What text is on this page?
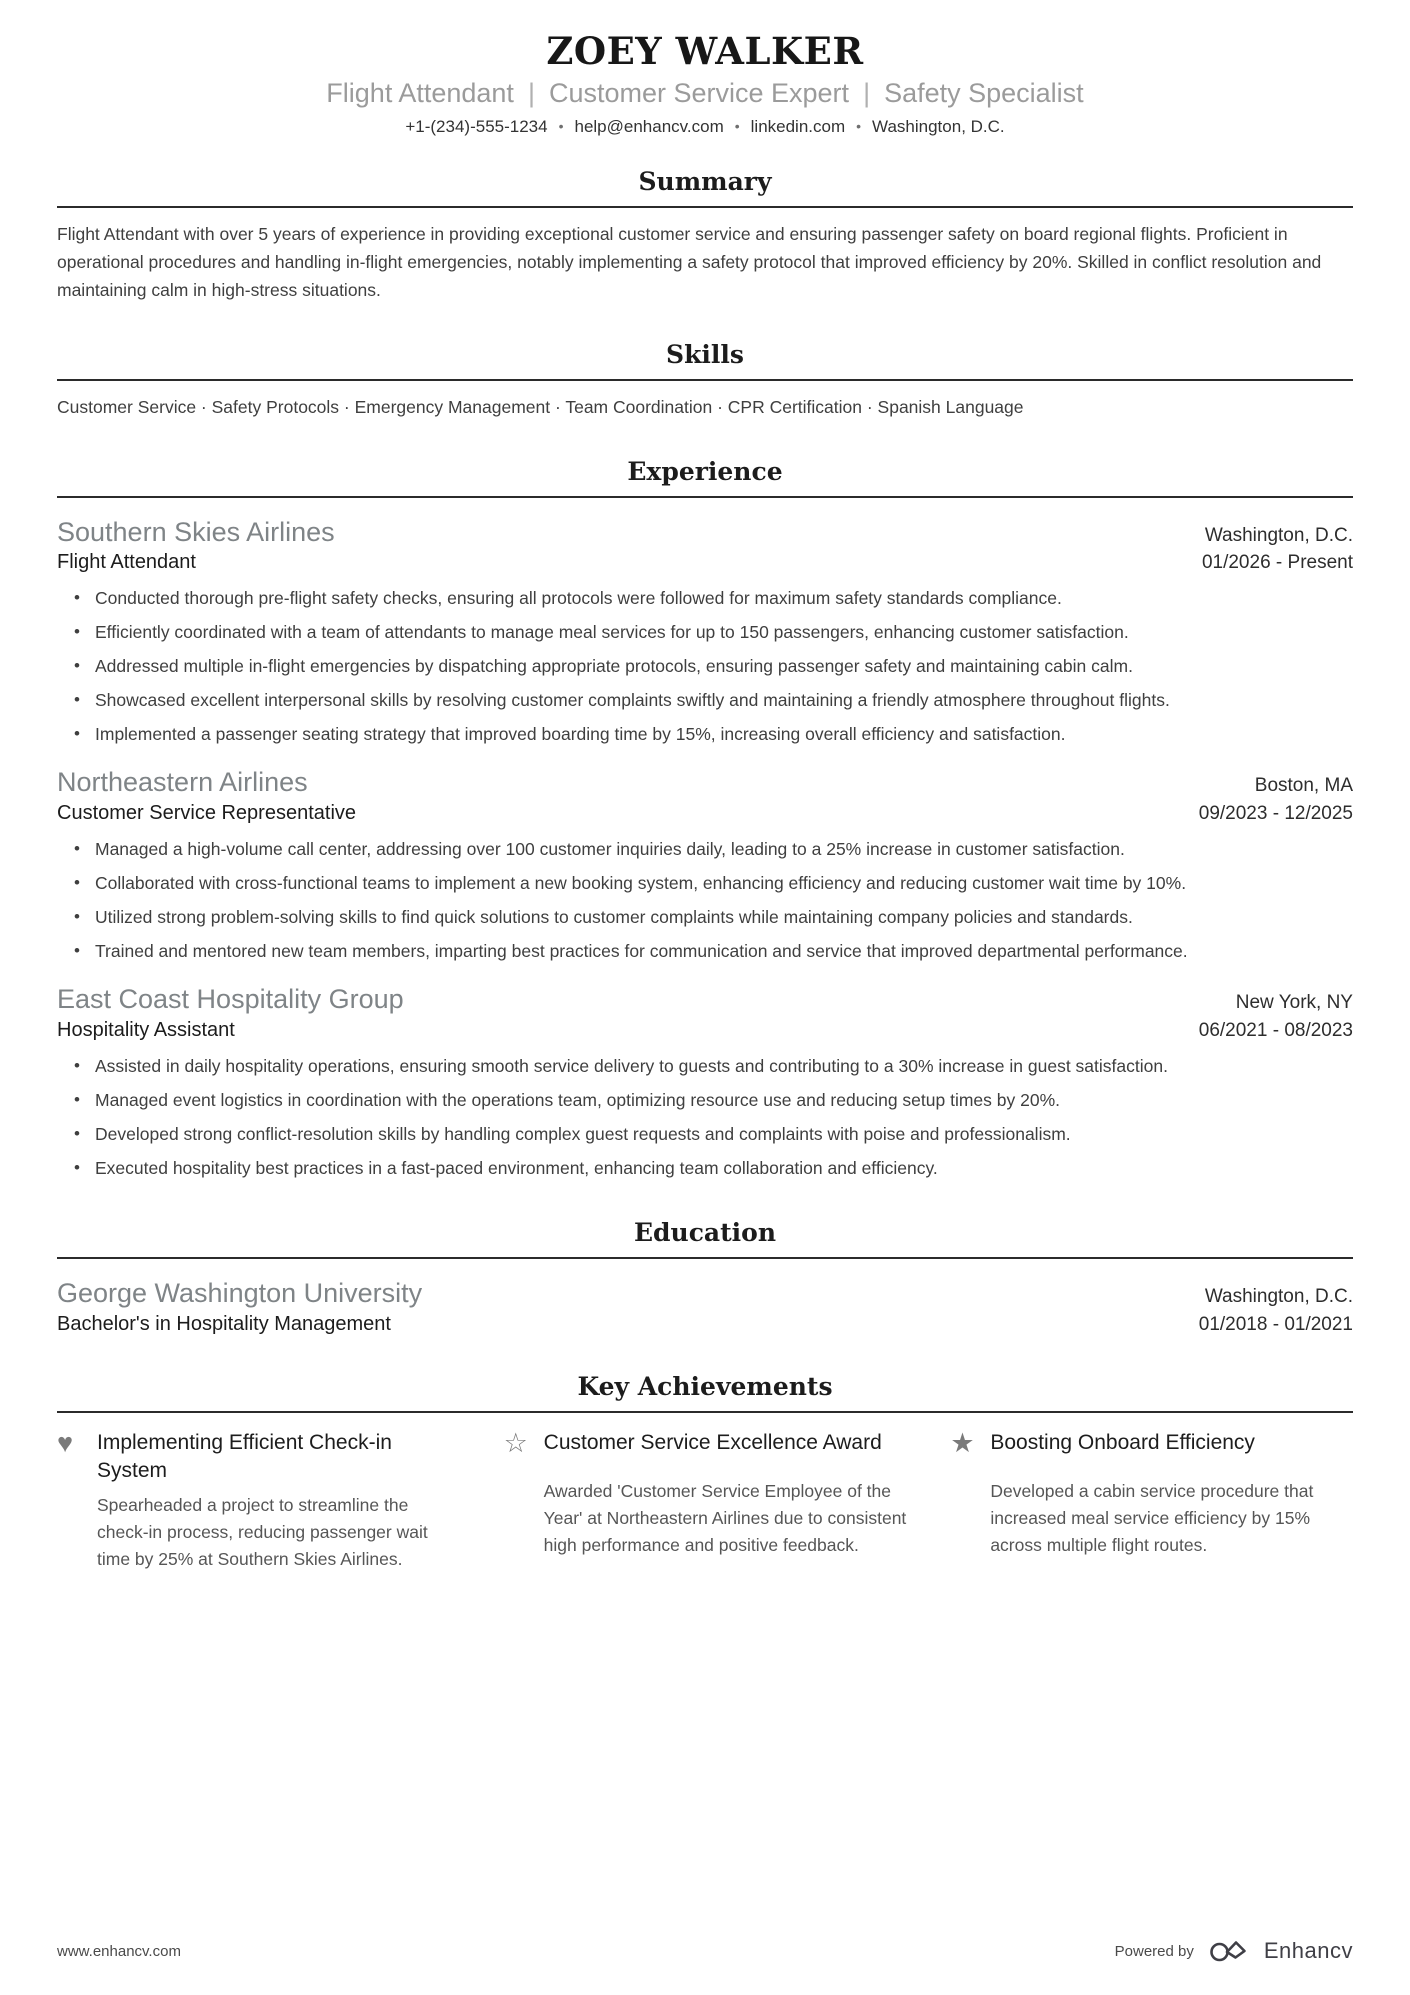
ZOEY WALKER
Flight Attendant | Customer Service Expert | Safety Specialist
+1-(234)-555-1234 • help@enhancv.com • linkedin.com • Washington, D.C.
Summary
Flight Attendant with over 5 years of experience in providing exceptional customer service and ensuring passenger safety on board regional flights. Proficient in operational procedures and handling in-flight emergencies, notably implementing a safety protocol that improved efficiency by 20%. Skilled in conflict resolution and maintaining calm in high-stress situations.
Skills
Customer Service · Safety Protocols · Emergency Management · Team Coordination · CPR Certification · Spanish Language
Experience
Southern Skies Airlines	Washington, D.C.
Flight Attendant	01/2026 - Present
• Conducted thorough pre-flight safety checks, ensuring all protocols were followed for maximum safety standards compliance.
• Efficiently coordinated with a team of attendants to manage meal services for up to 150 passengers, enhancing customer satisfaction.
• Addressed multiple in-flight emergencies by dispatching appropriate protocols, ensuring passenger safety and maintaining cabin calm.
• Showcased excellent interpersonal skills by resolving customer complaints swiftly and maintaining a friendly atmosphere throughout flights.
• Implemented a passenger seating strategy that improved boarding time by 15%, increasing overall efficiency and satisfaction.
Northeastern Airlines	Boston, MA
Customer Service Representative	09/2023 - 12/2025
• Managed a high-volume call center, addressing over 100 customer inquiries daily, leading to a 25% increase in customer satisfaction.
• Collaborated with cross-functional teams to implement a new booking system, enhancing efficiency and reducing customer wait time by 10%.
• Utilized strong problem-solving skills to find quick solutions to customer complaints while maintaining company policies and standards.
• Trained and mentored new team members, imparting best practices for communication and service that improved departmental performance.
East Coast Hospitality Group	New York, NY
Hospitality Assistant	06/2021 - 08/2023
• Assisted in daily hospitality operations, ensuring smooth service delivery to guests and contributing to a 30% increase in guest satisfaction.
• Managed event logistics in coordination with the operations team, optimizing resource use and reducing setup times by 20%.
• Developed strong conflict-resolution skills by handling complex guest requests and complaints with poise and professionalism.
• Executed hospitality best practices in a fast-paced environment, enhancing team collaboration and efficiency.
Education
George Washington University	Washington, D.C.
Bachelor's in Hospitality Management	01/2018 - 01/2021
Key Achievements
♥	Implementing Efficient Check-in System
Spearheaded a project to streamline the check-in process, reducing passenger wait time by 25% at Southern Skies Airlines.
☆ Customer Service Excellence Award
Awarded 'Customer Service Employee of the Year' at Northeastern Airlines due to consistent high performance and positive feedback.
★ Boosting Onboard Efficiency
Developed a cabin service procedure that increased meal service efficiency by 15% across multiple flight routes.
www.enhancv.com	Powered by	Enhancv
